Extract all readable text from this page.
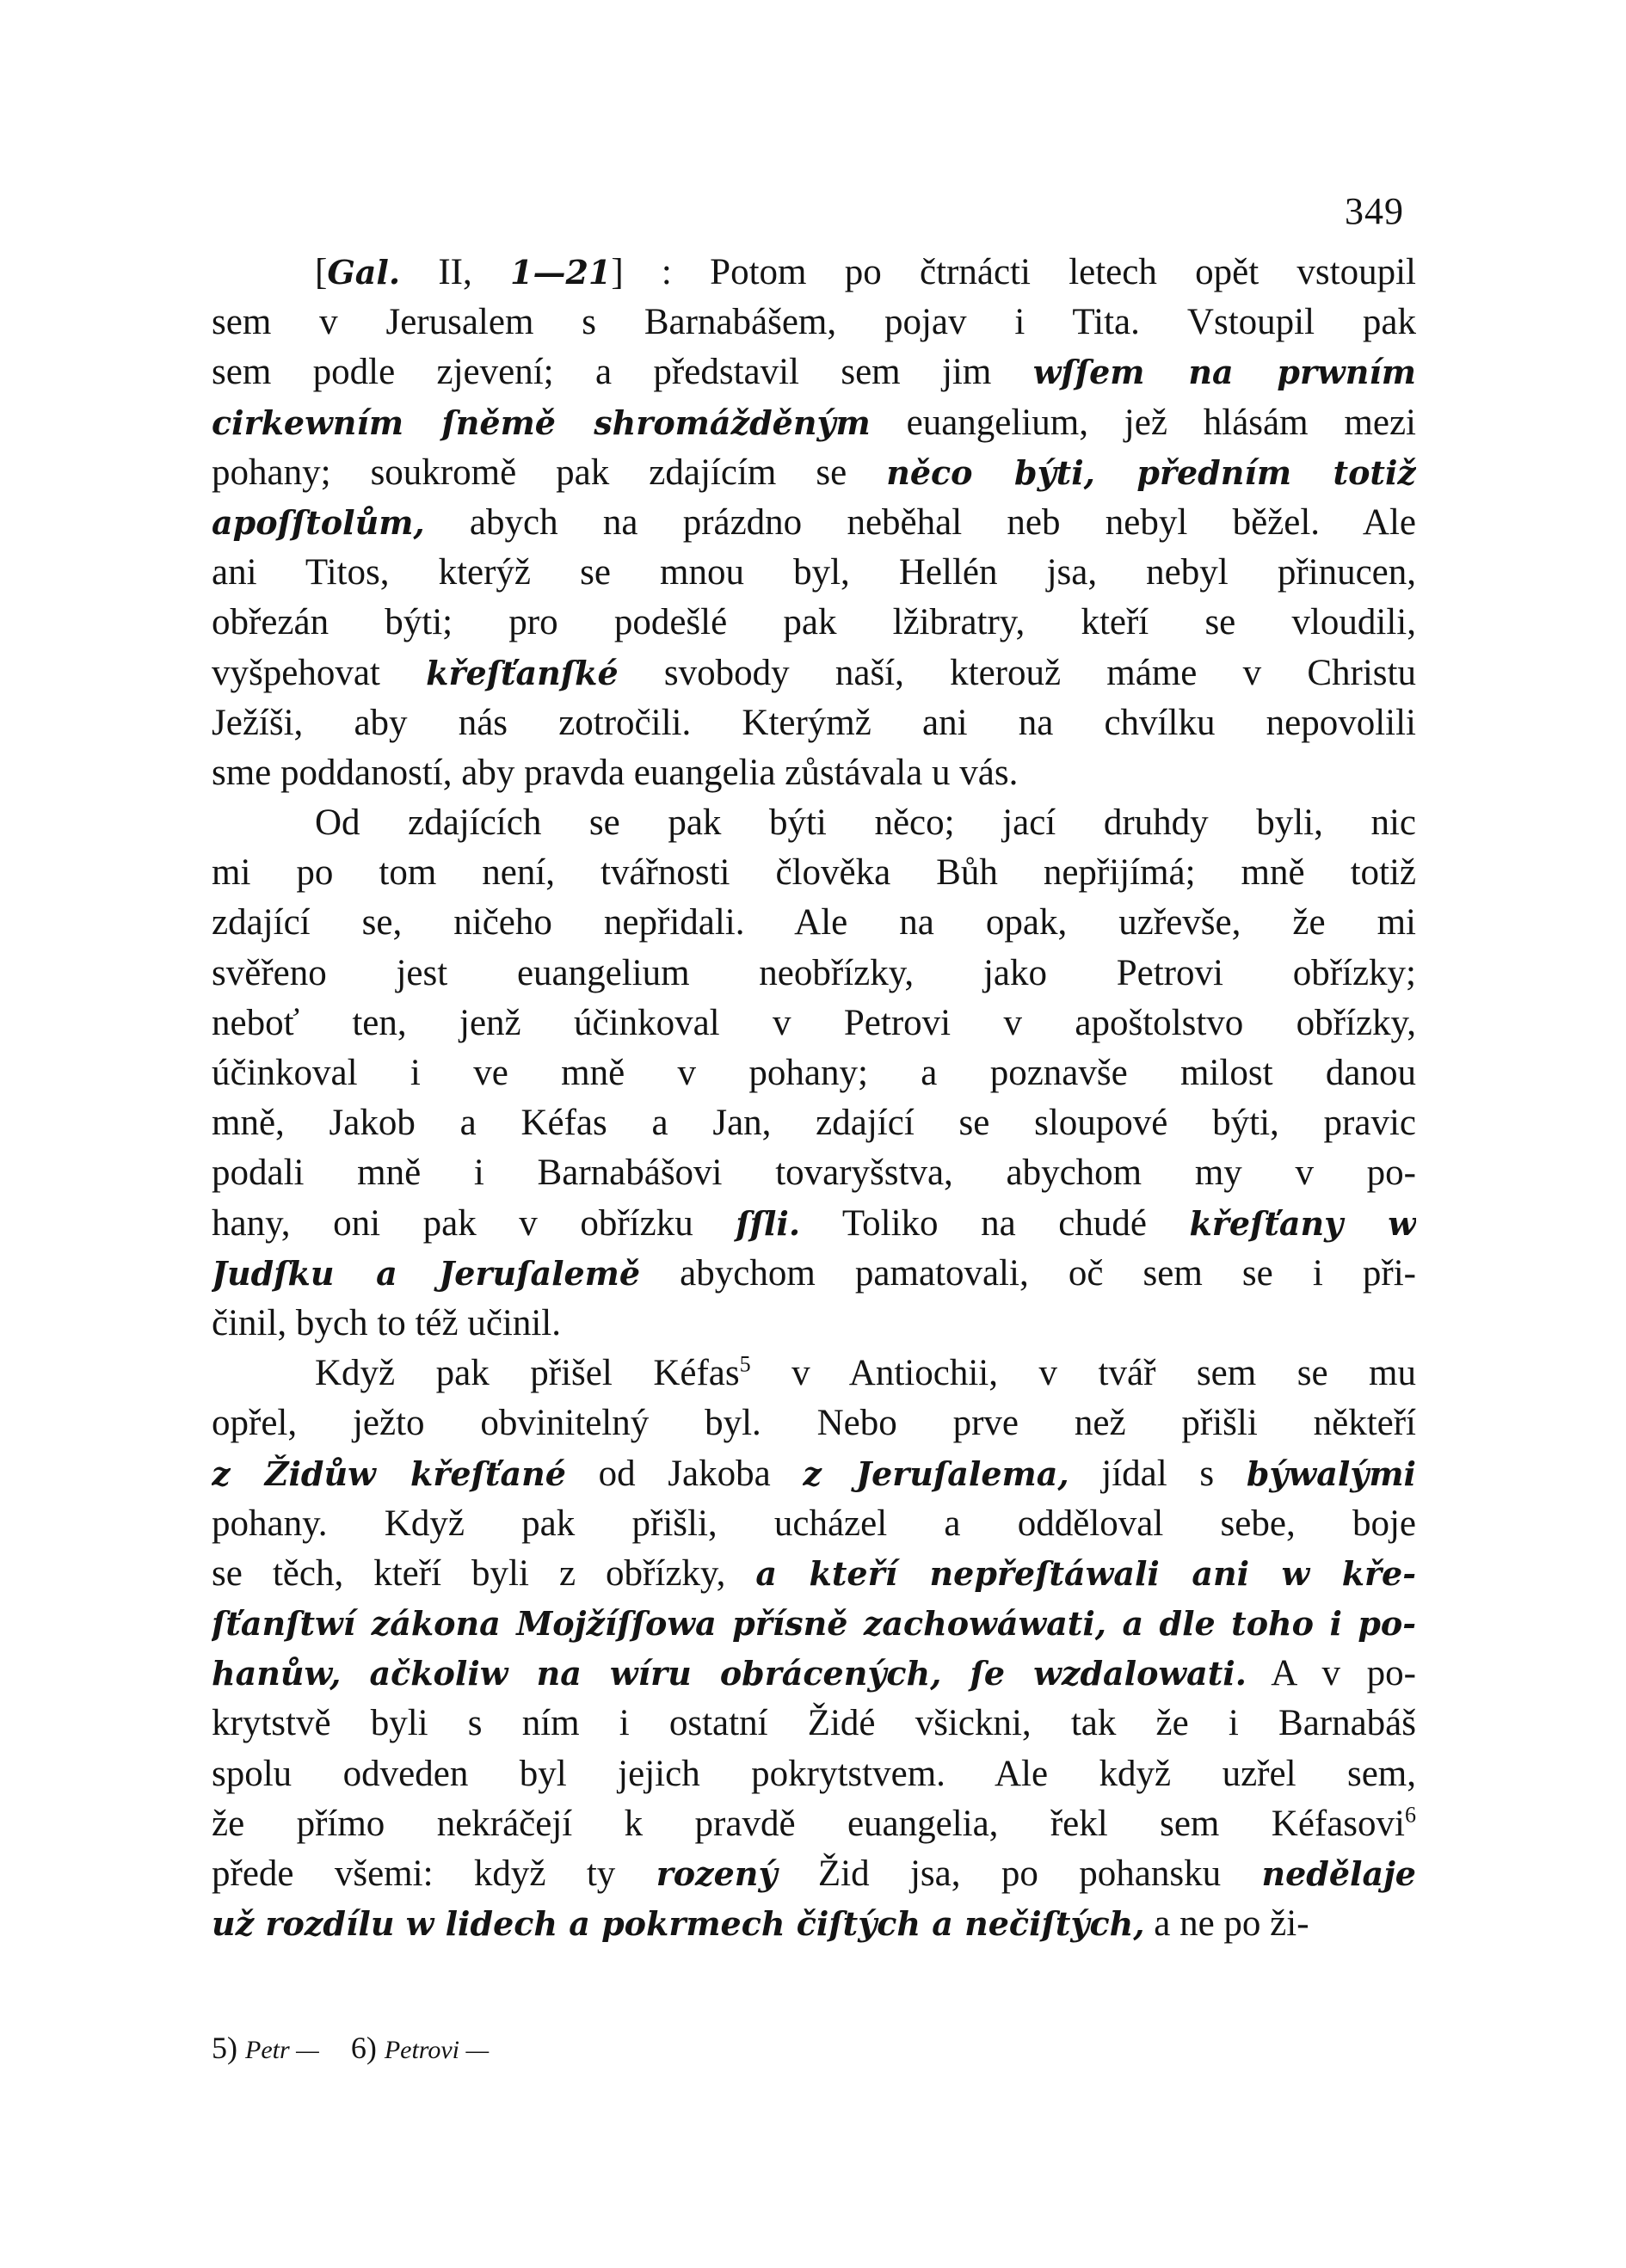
349
[Gal. II, 1—21] : Potom po čtrnácti letech opět vstoupil
sem v Jerusalem s Barnabášem, pojav i Tita. Vstoupil pak
sem podle zjevení; a představil sem jim wſſem na prwním
cirkewním ſněmě shromážděným euangelium, jež hlásám mezi
pohany; soukromě pak zdajícím se něco býti, předním totiž
apoſſtolům, abych na prázdno neběhal neb nebyl běžel. Ale
ani Titos, kterýž se mnou byl, Hellén jsa, nebyl přinucen,
obřezán býti; pro podešlé pak lžibratry, kteří se vloudili,
vyšpehovat křeſťanſké svobody naší, kterouž máme v Christu
Ježíši, aby nás zotročili. Kterýmž ani na chvílku nepovolili
sme poddaností, aby pravda euangelia zůstávala u vás.
Od zdajících se pak býti něco; jací druhdy byli, nic
mi po tom není, tvářnosti člověka Bůh nepřijímá; mně totiž
zdající se, ničeho nepřidali. Ale na opak, uzřevše, že mi
svěřeno jest euangelium neobřízky, jako Petrovi obřízky;
neboť ten, jenž účinkoval v Petrovi v apoštolstvo obřízky,
účinkoval i ve mně v pohany; a poznavše milost danou
mně, Jakob a Kéfas a Jan, zdající se sloupové býti, pravic
podali mně i Barnabášovi tovaryšstva, abychom my v po-
hany, oni pak v obřízku ſſli. Toliko na chudé křeſťany w
Judſku a Jeruſalemě abychom pamatovali, oč sem se i při-
činil, bych to též učinil.
Když pak přišel Kéfas$^5$ v Antiochii, v tvář sem se mu
opřel, ježto obvinitelný byl. Nebo prve než přišli někteří
z Židůw křeſťané od Jakoba z Jeruſalema, jídal s býwalými
pohany. Když pak přišli, ucházel a odděloval sebe, boje
se těch, kteří byli z obřízky, a kteří nepřeſtáwali ani w kře-
ſťanſtwí zákona Mojžíſſowa přísně zachowáwati, a dle toho i po-
hanůw, ačkoliw na wíru obrácených, ſe wzdalowati. A v po-
krytstvě byli s ním i ostatní Židé všickni, tak že i Barnabáš
spolu odveden byl jejich pokrytstvem. Ale když uzřel sem,
že přímo nekráčejí k pravdě euangelia, řekl sem Kéfasovi$^6$
přede všemi: když ty rozený Žid jsa, po pohansku nedělaje
už rozdílu w lidech a pokrmech čiſtých a nečiſtých, a ne po ži-
5) Petr — 6) Petrovi —
